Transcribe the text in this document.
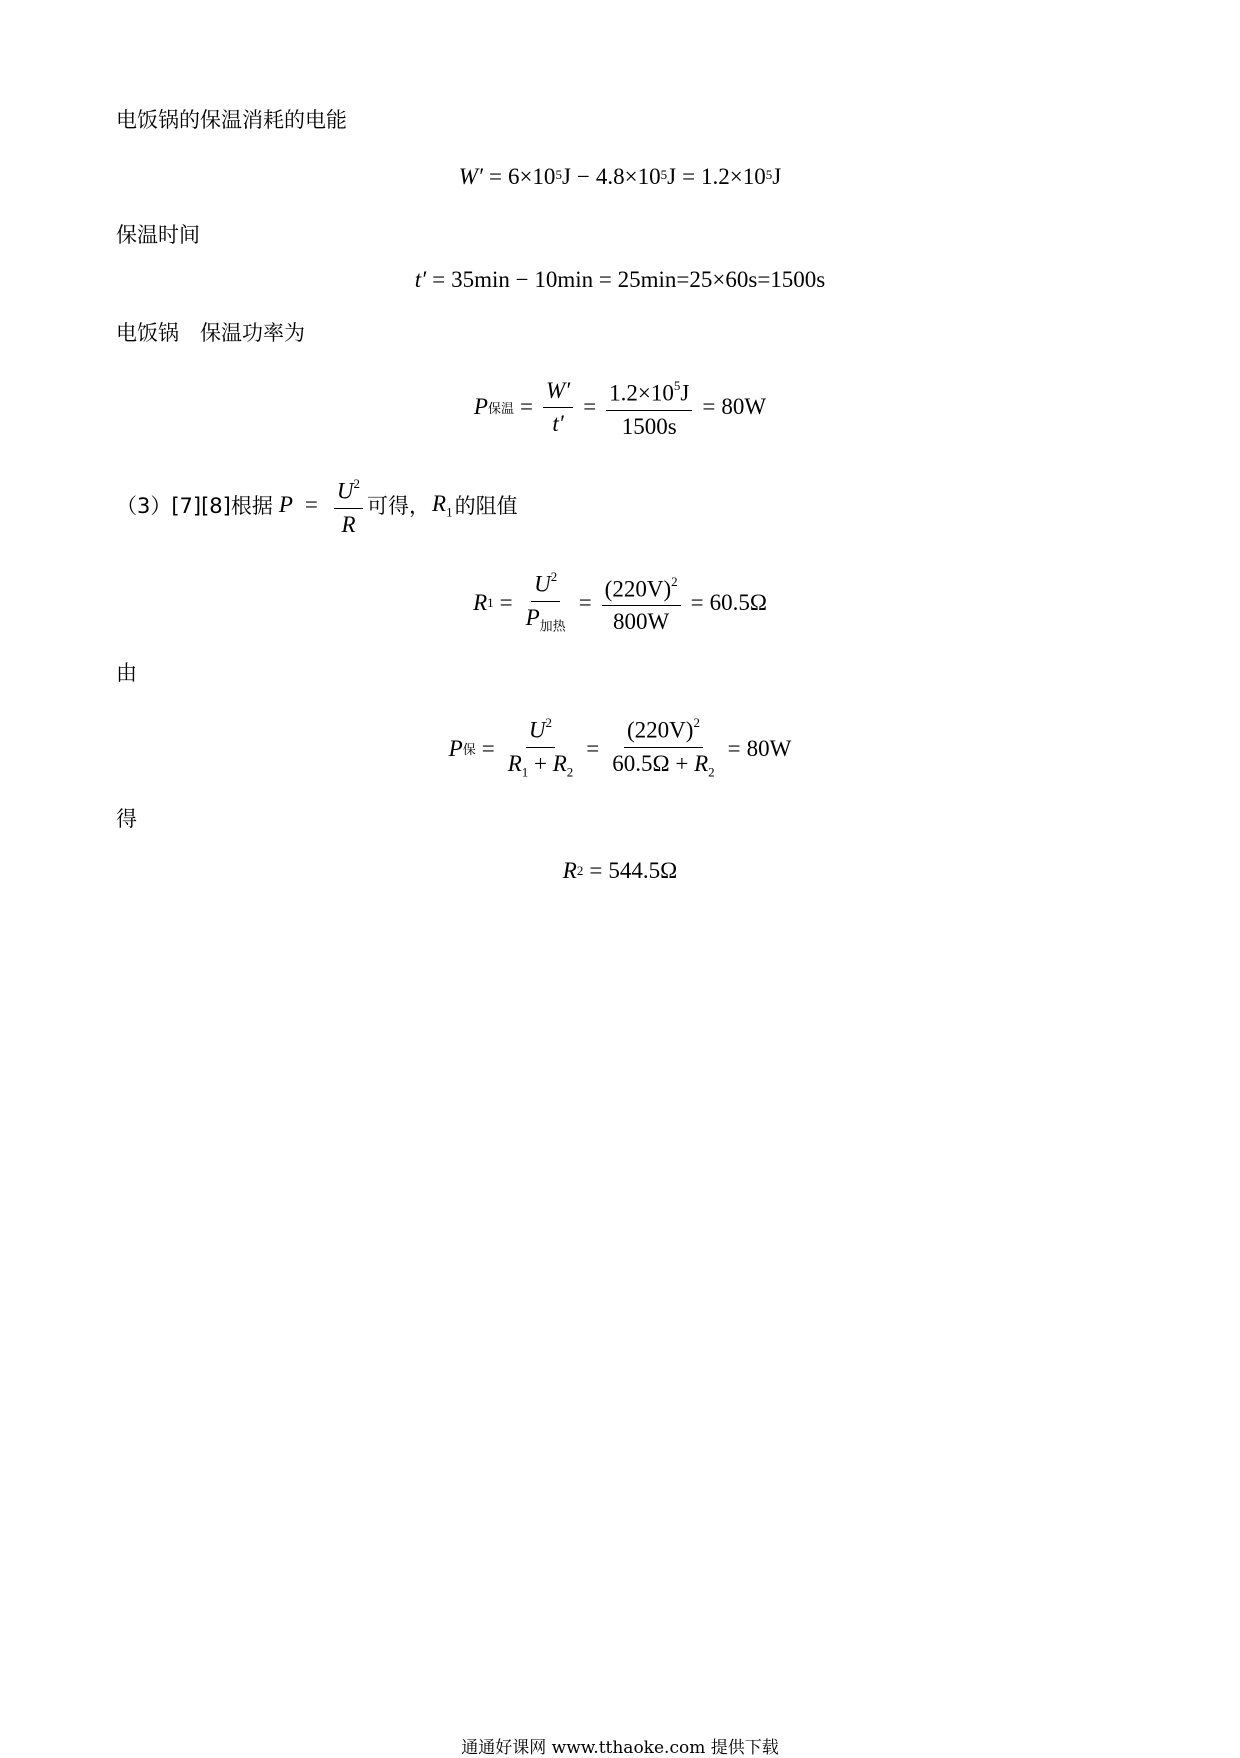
电饭锅的保温消耗的电能
$W' = 6\times 10^5$ $J - 4.8\times 10^5$ $J = 1.2\times 10^5$ J
保温时间
t′ = 35min − 10min = 25min=25×60s=1500s
电饭锅　保温功率为
P 保温 = $\frac{W'}{t'} = \frac{1.2\times 10^5J}{1500s} = 80W$
（3）[7][8]根据 $P = \frac{U^2}{R}$ 可得， $R_1$ 的阻值
R $1 = \frac{U^2}{P_{加热}} = \frac{(220V)^2}{800W} = 60.5\Omega$
由
P 保 = $\frac{U^2}{R_1 + R_2} = \frac{(220V)^2}{60.5\Omega + R_2} = 80W$
得
R 2 = 544.5Ω
通通好课网 www.tthaoke.com 提供下载
